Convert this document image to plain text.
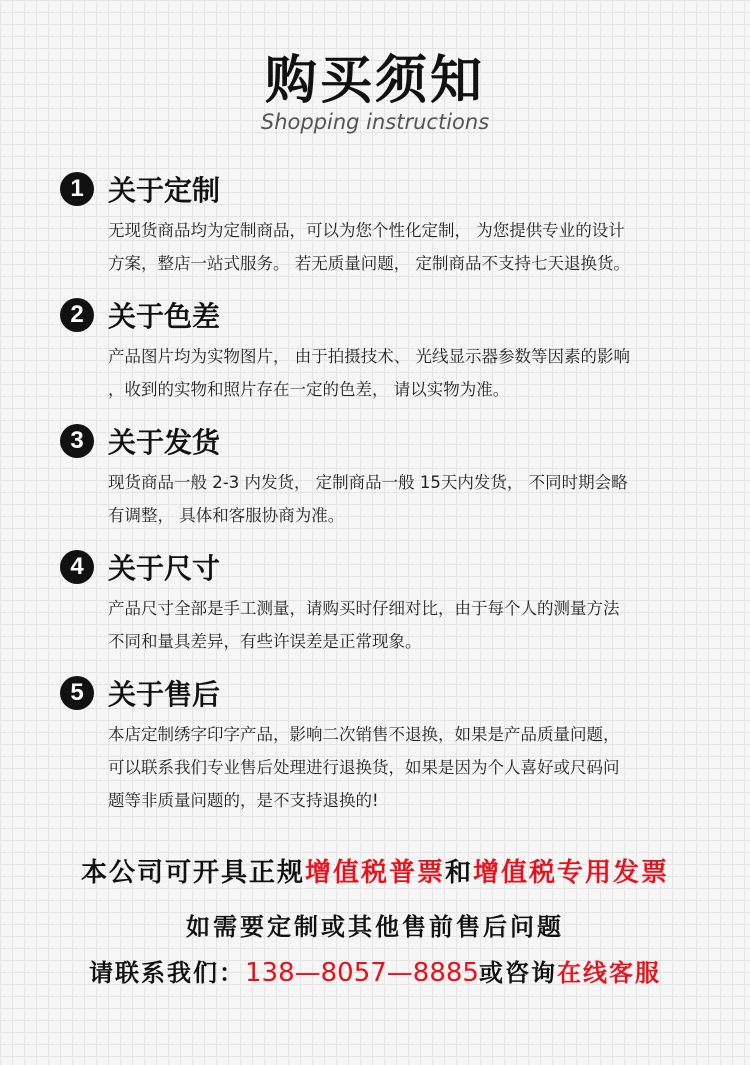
购买须知
Shopping instructions
1 关于定制
无现货商品均为定制商品，可以为您个性化定制， 为您提供专业的设计
方案，整店一站式服务。 若无质量问题， 定制商品不支持七天退换货。
2 关于色差
产品图片均为实物图片， 由于拍摄技术、 光线显示器参数等因素的影响
，收到的实物和照片存在一定的色差， 请以实物为准。
3 关于发货
现货商品一般 2-3 内发货， 定制商品一般 15天内发货， 不同时期会略
有调整， 具体和客服协商为准。
4 关于尺寸
产品尺寸全部是手工测量，请购买时仔细对比，由于每个人的测量方法
不同和量具差异，有些许误差是正常现象。
5 关于售后
本店定制绣字印字产品，影响二次销售不退换，如果是产品质量问题，
可以联系我们专业售后处理进行退换货，如果是因为个人喜好或尺码问
题等非质量问题的，是不支持退换的!
本公司可开具正规增值税普票和增值税专用发票
如需要定制或其他售前售后问题
请联系我们：138—8057—8885或咨询在线客服
